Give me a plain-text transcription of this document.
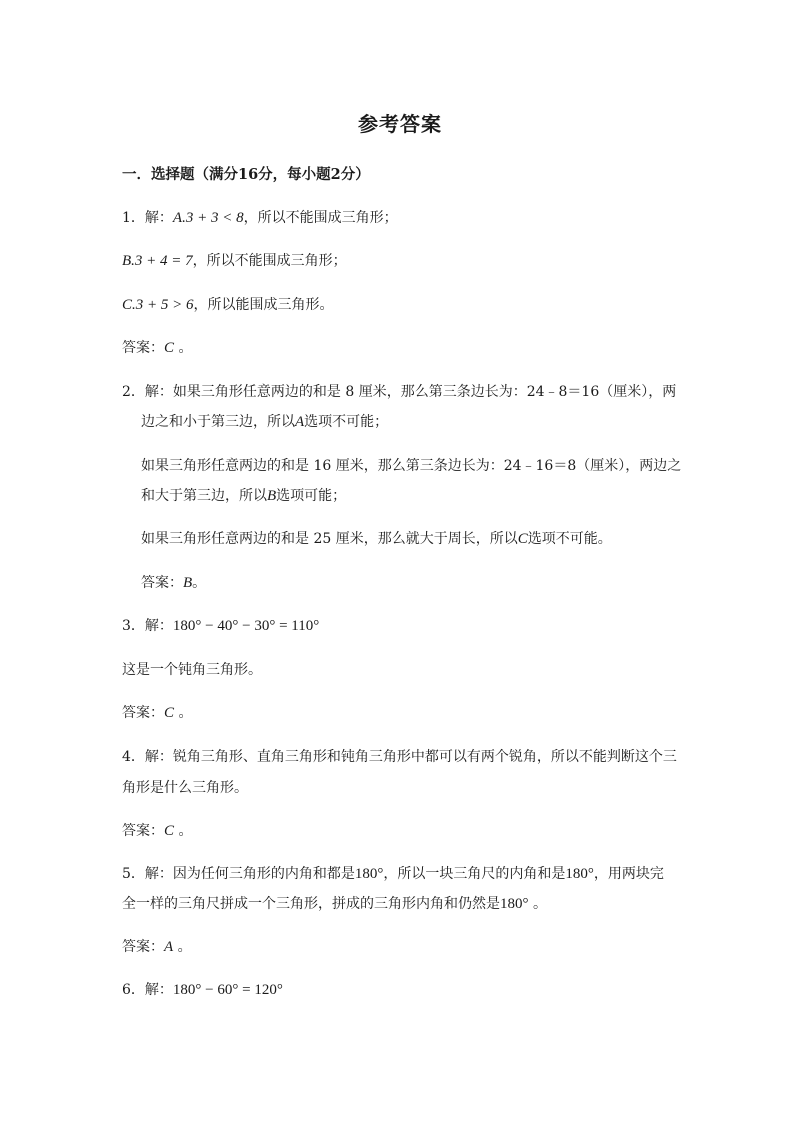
参考答案
一．选择题（满分16分，每小题2分）
1．解：A.3 + 3 < 8，所以不能围成三角形；
B.3 + 4 = 7，所以不能围成三角形；
C.3 + 5 > 6，所以能围成三角形。
答案：C 。
2．解：如果三角形任意两边的和是 8 厘米，那么第三条边长为：24﹣8＝16（厘米），两
边之和小于第三边，所以A选项不可能；
如果三角形任意两边的和是 16 厘米，那么第三条边长为：24﹣16＝8（厘米），两边之
和大于第三边，所以B选项可能；
如果三角形任意两边的和是 25 厘米，那么就大于周长，所以C选项不可能。
答案：B。
3．解：180° − 40° − 30° = 110°
这是一个钝角三角形。
答案：C 。
4．解：锐角三角形、直角三角形和钝角三角形中都可以有两个锐角，所以不能判断这个三
角形是什么三角形。
答案：C 。
5．解：因为任何三角形的内角和都是180°，所以一块三角尺的内角和是180°，用两块完
全一样的三角尺拼成一个三角形，拼成的三角形内角和仍然是180° 。
答案：A 。
6．解：180° − 60° = 120°
